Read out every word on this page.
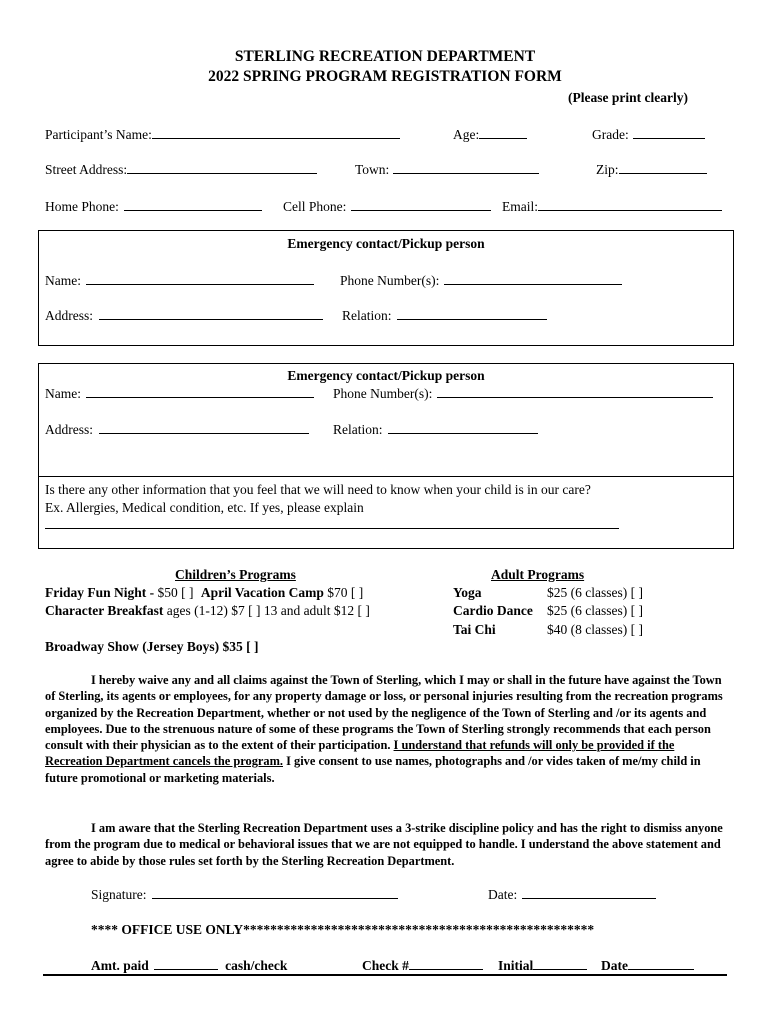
STERLING RECREATION DEPARTMENT
2022 SPRING PROGRAM REGISTRATION FORM
(Please print clearly)
Participant’s Name:	Age:	Grade:
Street Address:	Town:	Zip:
Home Phone:	Cell Phone:	Email:
Emergency contact/Pickup person
Name:	Phone Number(s):
Address:	Relation:
Emergency contact/Pickup person
Name:	Phone Number(s):
Address:	Relation:
Is there any other information that you feel that we will need to know when your child is in our care?
Ex. Allergies, Medical condition, etc. If yes, please explain
Children’s Programs
Friday Fun Night - $50 [ ] April Vacation Camp $70 [ ]
Character Breakfast ages (1-12) $7 [ ] 13 and adult $12 [ ]
Broadway Show (Jersey Boys) $35 [ ]
Adult Programs
Yoga	$25 (6 classes) [ ]
Cardio Dance $25 (6 classes) [ ]
Tai Chi	$40 (8 classes) [ ]
I hereby waive any and all claims against the Town of Sterling, which I may or shall in the future have against the Town of Sterling, its agents or employees, for any property damage or loss, or personal injuries resulting from the recreation programs organized by the Recreation Department, whether or not used by the negligence of the Town of Sterling and /or its agents and employees. Due to the strenuous nature of some of these programs the Town of Sterling strongly recommends that each person consult with their physician as to the extent of their participation. I understand that refunds will only be provided if the Recreation Department cancels the program. I give consent to use names, photographs and /or vides taken of me/my child in future promotional or marketing materials.
I am aware that the Sterling Recreation Department uses a 3-strike discipline policy and has the right to dismiss anyone from the program due to medical or behavioral issues that we are not equipped to handle. I understand the above statement and agree to abide by those rules set forth by the Sterling Recreation Department.
Signature:	Date:
**** OFFICE USE ONLY****************************************************
Amt. paid	cash/check	Check #	Initial	Date
